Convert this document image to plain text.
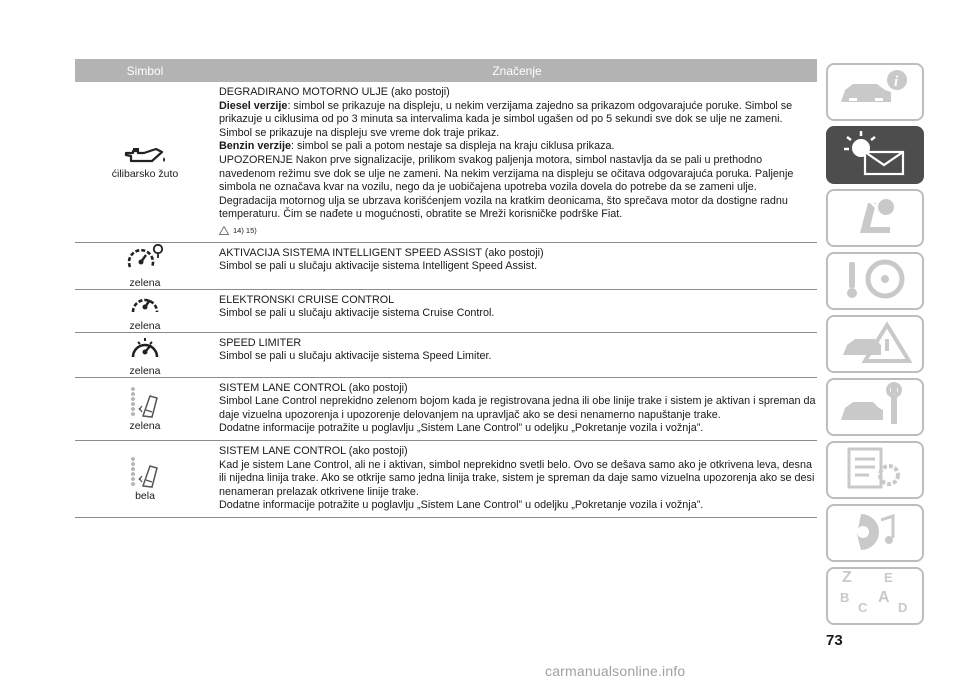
Simbol	Značenje
ćilibarsko žuto

DEGRADIRANO MOTORNO ULJE (ako postoji)

Diesel verzije: simbol se prikazuje na displeju, u nekim verzijama zajedno sa prikazom odgovarajuće poruke. Simbol se prikazuje u ciklusima od po 3 minuta sa intervalima kada je simbol ugašen od po 5 sekundi sve dok se ulje ne zameni. Simbol se prikazuje na displeju sve vreme dok traje prikaz.

Benzin verzije: simbol se pali a potom nestaje sa displeja na kraju ciklusa prikaza.

UPOZORENJE Nakon prve signalizacije, prilikom svakog paljenja motora, simbol nastavlja da se pali u prethodno navedenom režimu sve dok se ulje ne zameni. Na nekim verzijama na displeju se očitava odgovarajuća poruka. Paljenje simbola ne označava kvar na vozilu, nego da je uobičajena upotreba vozila dovela do potrebe da se zameni ulje. Degradacija motornog ulja se ubrzava korišćenjem vozila na kratkim deonicama, što sprečava motor da dostigne radnu temperaturu. Čim se nađete u mogućnosti, obratite se Mreži korisničke podrške Fiat.

14) 15)
zelena

AKTIVACIJA SISTEMA INTELLIGENT SPEED ASSIST (ako postoji)

Simbol se pali u slučaju aktivacije sistema Intelligent Speed Assist.

zelena

ELEKTRONSKI CRUISE CONTROL

Simbol se pali u slučaju aktivacije sistema Cruise Control.

zelena

SPEED LIMITER

Simbol se pali u slučaju aktivacije sistema Speed Limiter.

zelena

SISTEM LANE CONTROL (ako postoji)

Simbol Lane Control neprekidno zelenom bojom kada je registrovana jedna ili obe linije trake i sistem je aktivan i spreman da daje vizuelna upozorenja i upozorenje delovanjem na upravljač ako se desi nenamerno napuštanje trake.

Dodatne informacije potražite u poglavlju „Sistem Lane Control” u odeljku „Pokretanje vozila i vožnja”.

bela

SISTEM LANE CONTROL (ako postoji)

Kad je sistem Lane Control, ali ne i aktivan, simbol neprekidno svetli belo. Ovo se dešava samo ako je otkrivena leva, desna ili nijedna linija trake. Ako se otkrije samo jedna linija trake, sistem je spreman da daje samo vizuelna upozorenja ako se desi nenameran prelazak otkrivene linije trake.

Dodatne informacije potražite u poglavlju „Sistem Lane Control” u odeljku „Pokretanje vozila i vožnja”.

i
Z E
A
B
C D
73
carmanualsonline.info
